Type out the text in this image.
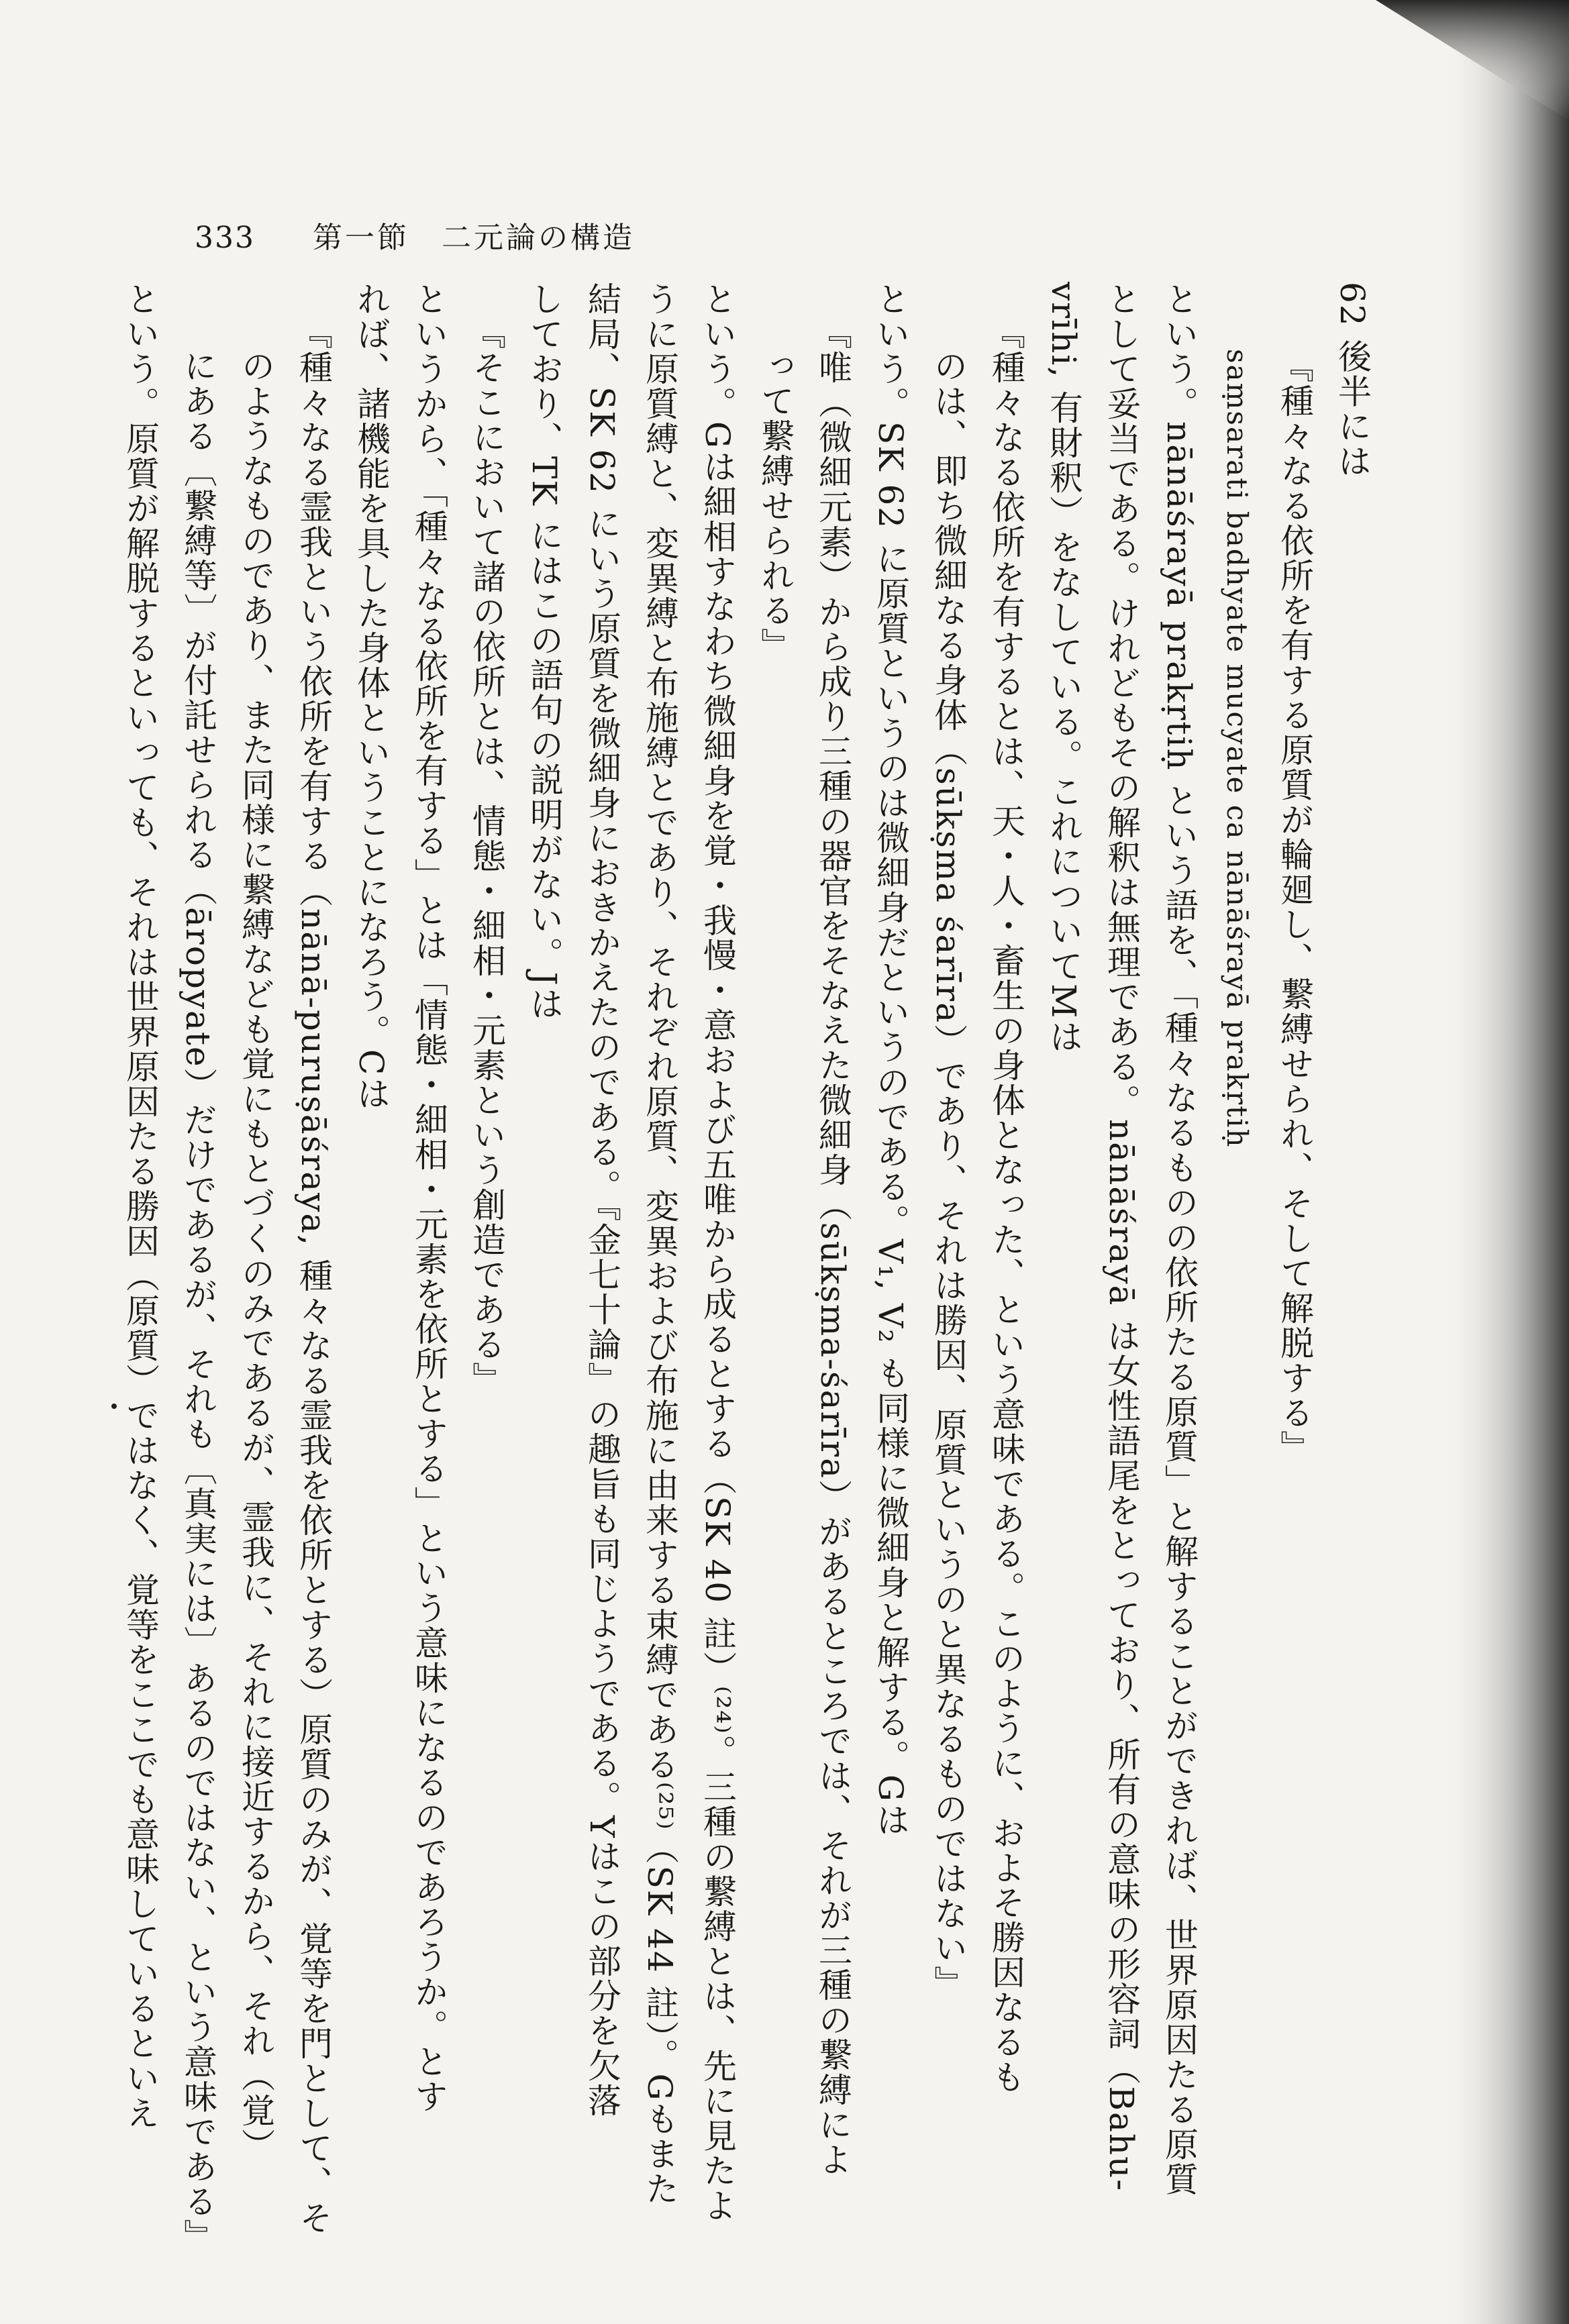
333 第一節　二元論の構造
62 後半には
『種々なる依所を有する原質が輪廻し、繋縛せられ、そして解脱する』
saṃsarati badhyate mucyate ca nānāśrayā prakṛtiḥ
という。nānāśrayā prakṛtiḥ という語を、「種々なるものの依所たる原質」と解することができれば、世界原因たる原質
として妥当である。けれどもその解釈は無理である。nānāśrayā は女性語尾をとっており、所有の意味の形容詞（Bahu-
vrīhi, 有財釈）をなしている。これについてMは
『種々なる依所を有するとは、天・人・畜生の身体となった、という意味である。このように、およそ勝因なるも
のは、即ち微細なる身体（sūkṣma śarīra）であり、それは勝因、原質というのと異なるものではない』
という。SK 62 に原質というのは微細身だというのである。V₁, V₂ も同様に微細身と解する。Gは
『唯（微細元素）から成り三種の器官をそなえた微細身（sūkṣma-śarīra）があるところでは、それが三種の繋縛によ
って繋縛せられる』
という。Gは細相すなわち微細身を覚・我慢・意および五唯から成るとする（SK 40 註）⁽²⁴⁾。三種の繋縛とは、先に見たよ
うに原質縛と、変異縛と布施縛とであり、それぞれ原質、変異および布施に由来する束縛である⁽²⁵⁾（SK 44 註）。Gもまた
結局、SK 62 にいう原質を微細身におきかえたのである。『金七十論』の趣旨も同じようである。Yはこの部分を欠落
しており、TK にはこの語句の説明がない。Jは
『そこにおいて諸の依所とは、情態・細相・元素という創造である』
というから、「種々なる依所を有する」とは「情態・細相・元素を依所とする」という意味になるのであろうか。とす
れば、諸機能を具した身体ということになろう。Cは
『種々なる霊我という依所を有する（nānā-puruṣāśraya, 種々なる霊我を依所とする）原質のみが、覚等を門として、そ
のようなものであり、また同様に繋縛なども覚にもとづくのみであるが、霊我に、それに接近するから、それ（覚）
にある〔繋縛等〕が付託せられる（āropyate）だけであるが、それも〔真実には〕あるのではない、という意味である』
という。原質が解脱するといっても、それは世界原因たる勝因（原質）ではなく、覚等をここでも意味しているといえ
